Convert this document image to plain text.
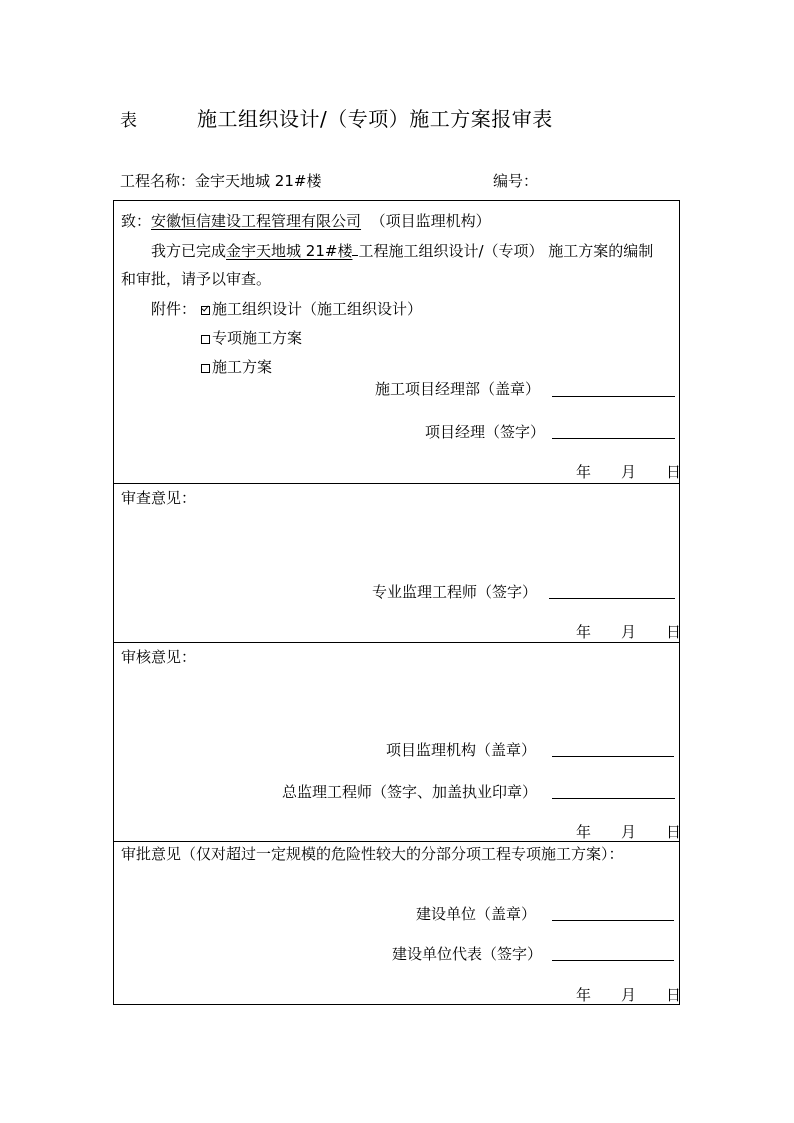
表	施工组织设计/（专项）施工方案报审表
工程名称：金宇天地城 21#楼	编号：
致：安徽恒信建设工程管理有限公司 （项目监理机构）
我方已完成金宇天地城 21#楼 工程施工组织设计/（专项） 施工方案的编制
和审批，请予以审查。
附件：	施工组织设计（施工组织设计）
专项施工方案
施工方案
施工项目经理部（盖章）
项目经理（签字）
年 月 日
审查意见：
专业监理工程师（签字）
年 月 日
审核意见：
项目监理机构（盖章）
总监理工程师（签字、加盖执业印章）
年 月 日
审批意见（仅对超过一定规模的危险性较大的分部分项工程专项施工方案）：
建设单位（盖章）
建设单位代表（签字）
年 月 日
